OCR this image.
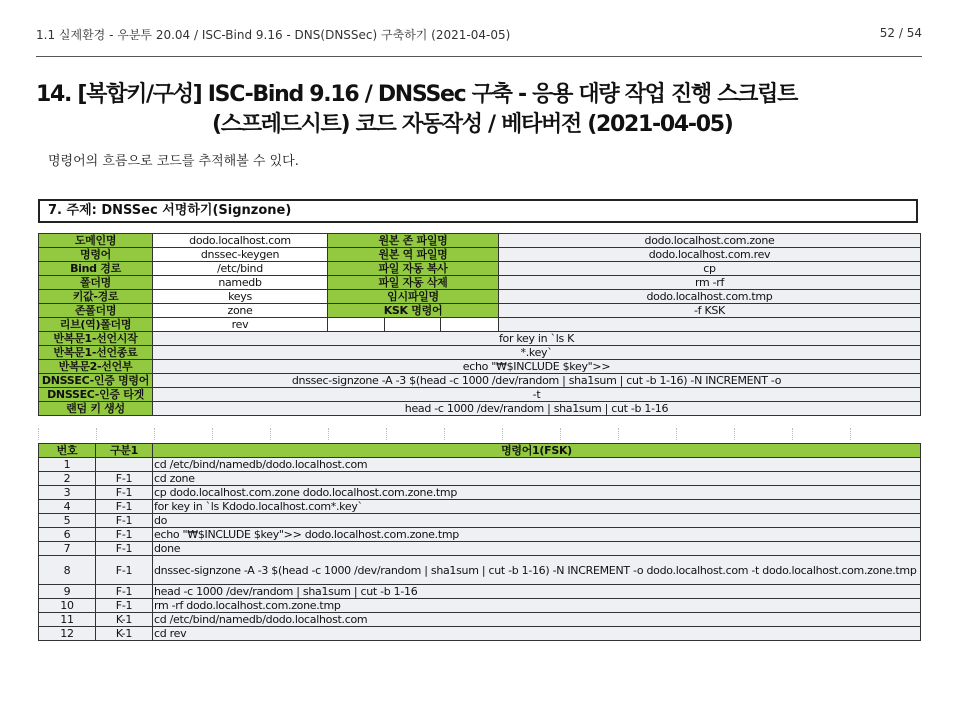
1.1 실제환경 - 우분투 20.04 / ISC-Bind 9.16 - DNS(DNSSec) 구축하기 (2021-04-05)	52 / 54
14. [복합키/구성] ISC-Bind 9.16 / DNSSec 구축 - 응용 대량 작업 진행 스크립트
(스프레드시트) 코드 자동작성 / 베타버전 (2021-04-05)
명령어의 흐름으로 코드를 추적해볼 수 있다.
7. 주제: DNSSec 서명하기(Signzone)
도메인명	dodo.localhost.com	원본 존 파일명			dodo.localhost.com.zone
명령어	dnssec-keygen	원본 역 파일명			dodo.localhost.com.rev
Bind 경로	/etc/bind	파일 자동 복사			cp
폴더명	namedb	파일 자동 삭제			rm -rf
키값-경로	keys	임시파일명			dodo.localhost.com.tmp
존폴더명	zone	KSK 명령어			-f KSK
리브(역)폴더명	rev				
반복문1-선언시작	for key in `ls K				
반복문1-선언종료	*.key`				
반복문2-선언부	echo "₩$INCLUDE $key">>				
DNSSEC-인증 명령어	dnssec-signzone -A -3 $(head -c 1000 /dev/random | sha1sum | cut -b 1-16) -N INCREMENT -o				
DNSSEC-인증 타겟	-t				
랜덤 키 생성	head -c 1000 /dev/random | sha1sum | cut -b 1-16				

번호	구분1	명령어1(FSK)
1		cd /etc/bind/namedb/dodo.localhost.com
2	F-1	cd zone
3	F-1	cp dodo.localhost.com.zone dodo.localhost.com.zone.tmp
4	F-1	for key in `ls Kdodo.localhost.com*.key`
5	F-1	do
6	F-1	echo "₩$INCLUDE $key">> dodo.localhost.com.zone.tmp
7	F-1	done
8	F-1	dnssec-signzone -A -3 $(head -c 1000 /dev/random | sha1sum | cut -b 1-16) -N INCREMENT -o dodo.localhost.com -t dodo.localhost.com.zone.tmp
9	F-1	head -c 1000 /dev/random | sha1sum | cut -b 1-16
10	F-1	rm -rf dodo.localhost.com.zone.tmp
11	K-1	cd /etc/bind/namedb/dodo.localhost.com
12	K-1	cd rev
